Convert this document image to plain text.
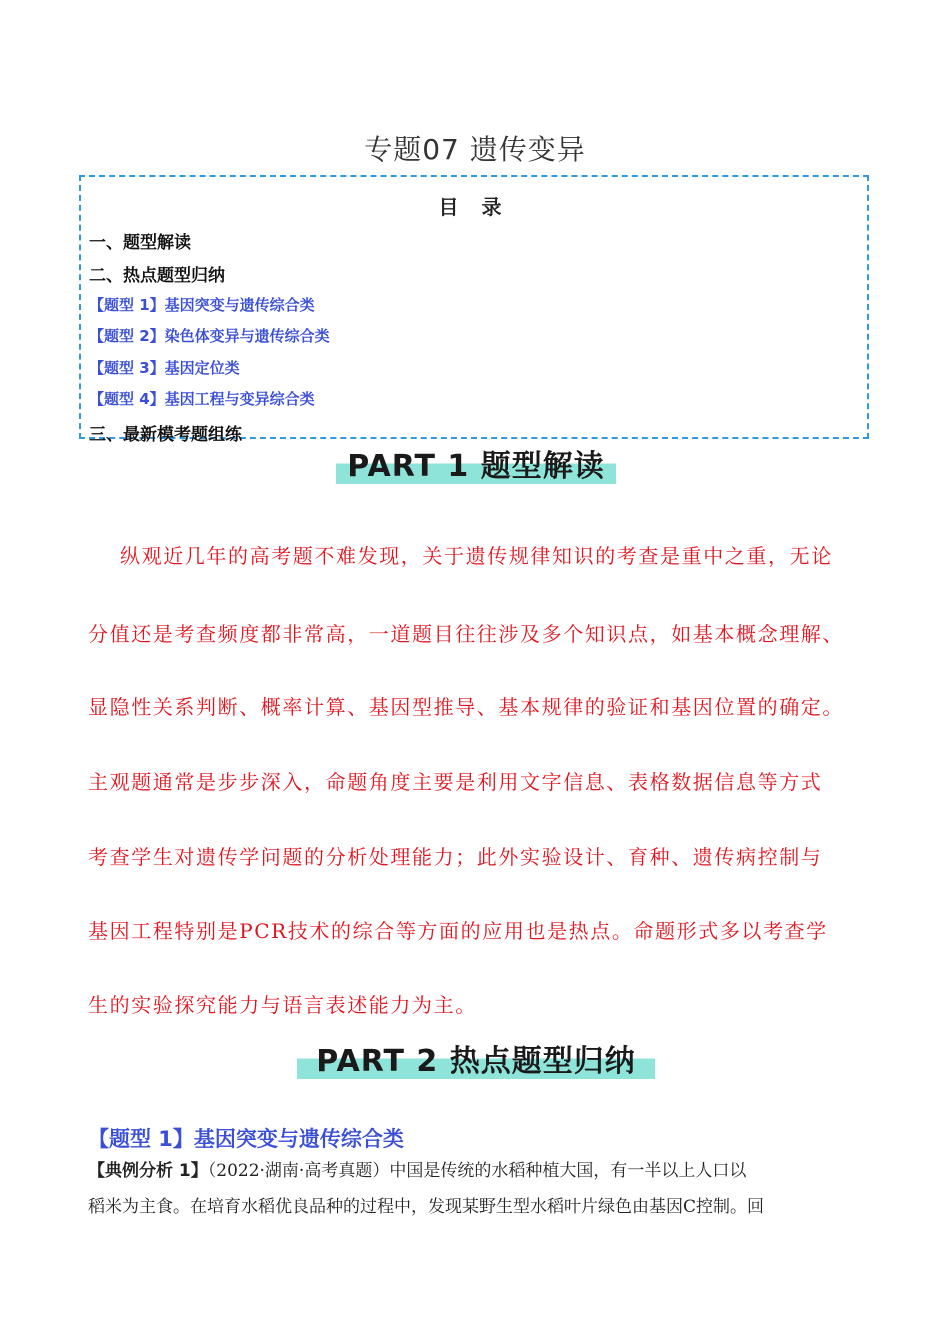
专题07 遗传变异
目 录
一、题型解读
二、热点题型归纳
【题型 1】基因突变与遗传综合类
【题型 2】染色体变异与遗传综合类
【题型 3】基因定位类
【题型 4】基因工程与变异综合类
三、最新模考题组练
PART 1 题型解读
纵观近几年的高考题不难发现，关于遗传规律知识的考查是重中之重，无论
分值还是考查频度都非常高，一道题目往往涉及多个知识点，如基本概念理解、
显隐性关系判断、概率计算、基因型推导、基本规律的验证和基因位置的确定。
主观题通常是步步深入，命题角度主要是利用文字信息、表格数据信息等方式
考查学生对遗传学问题的分析处理能力；此外实验设计、育种、遗传病控制与
基因工程特别是PCR技术的综合等方面的应用也是热点。命题形式多以考查学
生的实验探究能力与语言表述能力为主。
PART 2 热点题型归纳
【题型 1】基因突变与遗传综合类
【典例分析 1】（2022·湖南·高考真题）中国是传统的水稻种植大国，有一半以上人口以
稻米为主食。在培育水稻优良品种的过程中，发现某野生型水稻叶片绿色由基因C控制。回
